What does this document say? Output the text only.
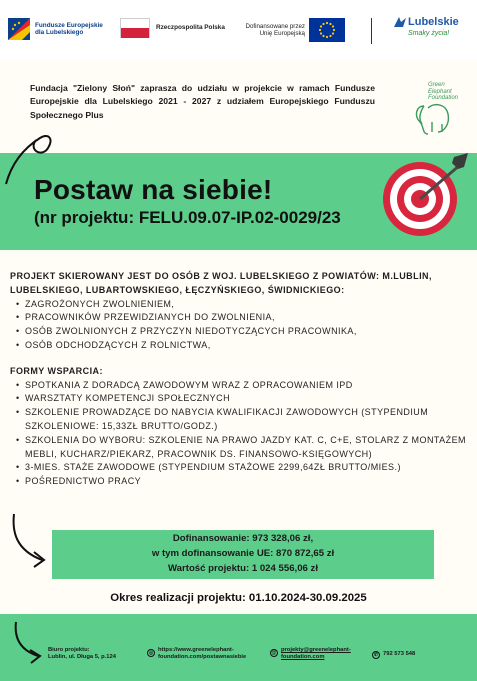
Fundusze Europejskie dla Lubelskiego
Rzeczpospolita Polska	Dofinansowane przez Unię Europejską
Lubelskie
Smaky życia!
Fundacja "Zielony Słoń" zaprasza do udziału w projekcie w ramach Fundusze Europejskie dla Lubelskiego 2021 - 2027 z udziałem Europejskiego Funduszu Społecznego Plus
Green Elephant Foundation
Postaw na siebie!
(nr projektu: FELU.09.07-IP.02-0029/23
PROJEKT SKIEROWANY JEST DO OSÓB Z WOJ. LUBELSKIEGO Z POWIATÓW: M.LUBLIN, LUBELSKIEGO, LUBARTOWSKIEGO, ŁĘCZYŃSKIEGO, ŚWIDNICKIEGO:
• ZAGROŻONYCH ZWOLNIENIEM,
• PRACOWNIKÓW PRZEWIDZIANYCH DO ZWOLNIENIA,
• OSÓB ZWOLNIONYCH Z PRZYCZYN NIEDOTYCZĄCYCH PRACOWNIKA,
• OSÓB ODCHODZĄCYCH Z ROLNICTWA,
FORMY WSPARCIA:
• SPOTKANIA Z DORADCĄ ZAWODOWYM WRAZ Z OPRACOWANIEM IPD
• WARSZTATY KOMPETENCJI SPOŁECZNYCH
• SZKOLENIE PROWADZĄCE DO NABYCIA KWALIFIKACJI ZAWODOWYCH (STYPENDIUM SZKOLENIOWE: 15,33ZŁ BRUTTO/GODZ.)
• SZKOLENIA DO WYBORU: SZKOLENIE NA PRAWO JAZDY KAT. C, C+E, STOLARZ Z MONTAŻEM MEBLI, KUCHARZ/PIEKARZ, PRACOWNIK DS. FINANSOWO-KSIĘGOWYCH)
• 3-MIES. STAŻE ZAWODOWE (STYPENDIUM STAŻOWE 2299,64ZŁ BRUTTO/MIES.)
• POŚREDNICTWO PRACY
Dofinansowanie: 973 328,06 zł,
w tym dofinansowanie UE: 870 872,65 zł
Wartość projektu: 1 024 556,06 zł
Okres realizacji projektu: 01.10.2024-30.09.2025
Biuro projektu:
Lublin, ul. Długa 5, p.124
◎ https://www.greenelephant-
foundation.com/postawnasiebie
@ projekty@greenelephant-
foundation.com	✆ 792 573 548
